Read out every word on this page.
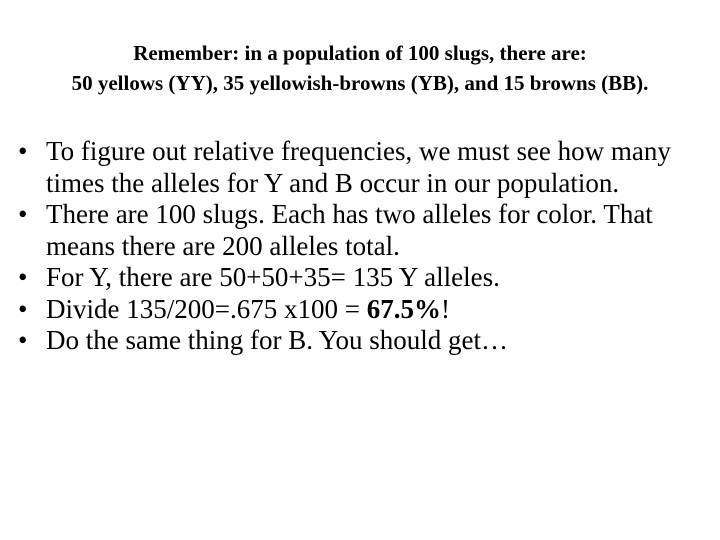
Remember: in a population of 100 slugs, there are:
50 yellows (YY), 35 yellowish-browns (YB), and 15 browns (BB).
• To figure out relative frequencies, we must see how many times the alleles for Y and B occur in our population.
• There are 100 slugs. Each has two alleles for color. That means there are 200 alleles total.
• For Y, there are 50+50+35= 135 Y alleles.
• Divide 135/200=.675 x100 = 67.5%!
• Do the same thing for B. You should get…
